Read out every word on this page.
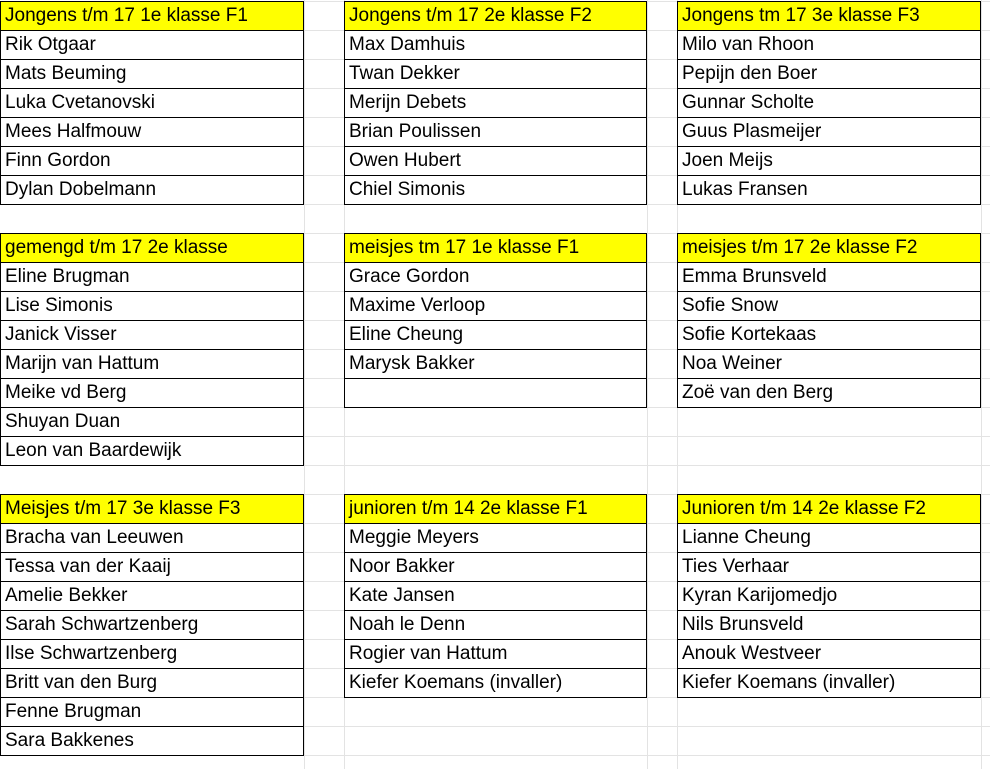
Jongens t/m 17 1e klasse F1
Rik Otgaar
Mats Beuming
Luka Cvetanovski
Mees Halfmouw
Finn Gordon
Dylan Dobelmann
Jongens t/m 17 2e klasse F2
Max Damhuis
Twan Dekker
Merijn Debets
Brian Poulissen
Owen Hubert
Chiel Simonis
Jongens tm 17 3e klasse F3
Milo van Rhoon
Pepijn den Boer
Gunnar Scholte
Guus Plasmeijer
Joen Meijs
Lukas Fransen
gemengd t/m 17 2e klasse
Eline Brugman
Lise Simonis
Janick Visser
Marijn van Hattum
Meike vd Berg
Shuyan Duan
Leon van Baardewijk
meisjes tm 17 1e klasse F1
Grace Gordon
Maxime Verloop
Eline Cheung
Marysk Bakker
meisjes t/m 17 2e klasse F2
Emma Brunsveld
Sofie Snow
Sofie Kortekaas
Noa Weiner
Zoë van den Berg
Meisjes t/m 17 3e klasse F3
Bracha van Leeuwen
Tessa van der Kaaij
Amelie Bekker
Sarah Schwartzenberg
Ilse Schwartzenberg
Britt van den Burg
Fenne Brugman
Sara Bakkenes
junioren t/m 14 2e klasse F1
Meggie Meyers
Noor Bakker
Kate Jansen
Noah le Denn
Rogier van Hattum
Kiefer Koemans (invaller)
Junioren t/m 14 2e klasse F2
Lianne Cheung
Ties Verhaar
Kyran Karijomedjo
Nils Brunsveld
Anouk Westveer
Kiefer Koemans (invaller)
